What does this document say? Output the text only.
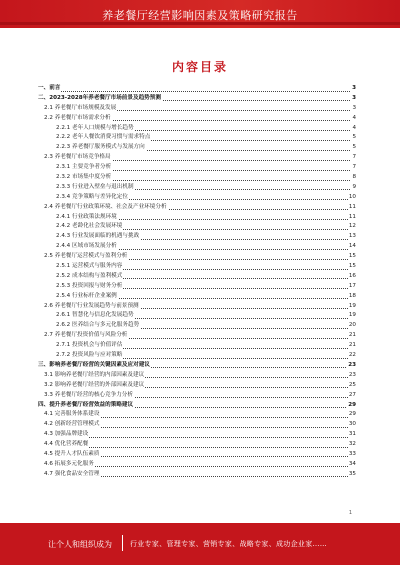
养老餐厅经营影响因素及策略研究报告
内容目录
一、前言	3
二、2023-2028年养老餐厅市场前景及趋势预测	3
2.1 养老餐厅市场规模及发展	3
2.2 养老餐厅市场需求分析	4
2.2.1 老年人口规模与增长趋势	4
2.2.2 老年人餐饮消费习惯与需求特点	5
2.2.3 养老餐厅服务模式与发展方向	5
2.3 养老餐厅市场竞争格局	7
2.3.1 主要竞争者分析	7
2.3.2 市场集中度分析	8
2.3.3 行业进入壁垒与退出机制	9
2.3.4 竞争策略与差异化定位	10
2.4 养老餐厅行业政策环境、社会及产业环境分析	11
2.4.1 行业政策法规环境	11
2.4.2 老龄化社会发展环境	12
2.4.3 行业发展面临的机遇与挑战	13
2.4.4 区域市场发展分析	14
2.5 养老餐厅运营模式与盈利分析	15
2.5.1 运营模式与服务内容	15
2.5.2 成本结构与盈利模式	16
2.5.3 投资回报与财务分析	17
2.5.4 行业标杆企业案例	18
2.6 养老餐厅行业发展趋势与前景预测	19
2.6.1 智慧化与信息化发展趋势	19
2.6.2 医养结合与多元化服务趋势	20
2.7 养老餐厅投资价值与风险分析	21
2.7.1 投资机会与价值评估	21
2.7.2 投资风险与应对策略	22
三、影响养老餐厅经营的关键因素及应对建议	23
3.1 影响养老餐厅经营的内部因素及建议	23
3.2 影响养老餐厅经营的外部因素及建议	25
3.3 养老餐厅经营的核心竞争力分析	27
四、提升养老餐厅经营效益的策略建议	29
4.1 完善服务体系建设	29
4.2 创新经营管理模式	30
4.3 加强品牌建设	31
4.4 优化营养配餐	32
4.5 提升人才队伍素质	33
4.6 拓展多元化服务	34
4.7 强化食品安全管理	35
1
让个人和组织成为	行业专家、管理专家、营销专家、战略专家、成功企业家……
